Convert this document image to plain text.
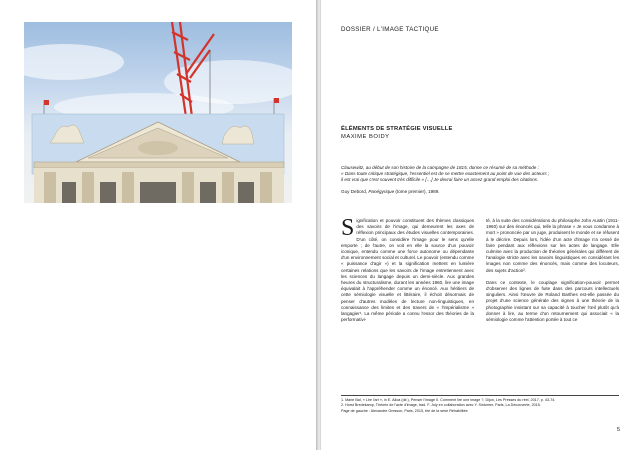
DOSSIER / L'IMAGE TACTIQUE
ÉLÉMENTS DE STRATÉGIE VISUELLE
MAXIME BOIDY

Clausewitz, au début de son histoire de la campagne de 1815, donne ce résumé de sa méthode :
« Dans toute critique stratégique, l'essentiel est de se mettre exactement au point de vue des acteurs ;
il est vrai que c'est souvent très difficile » […] Je devrai faire un assez grand emploi des citations.

Guy Debord, Panégyrique (tome premier), 1989.

Signification et pouvoir constituent des thèmes classiques des savoirs de l'image, qui demeurent les axes de réflexion principaux des études visuelles contemporaines. D'un côté, on considère l'image pour le sens qu'elle emporte ; de l'autre, on voit en elle la source d'un pouvoir iconique, entendu comme une force autonome ou dépendante d'un environnement social et culturel. Le pouvoir (entendu comme « puissance d'agir ») et la signification mettent en lumière certaines relations que les savoirs de l'image entretiennent avec les sciences du langage depuis un demi-siècle. Aux grandes heures du structuralisme, durant les années 1960, lire une image équivalait à l'appréhender comme un énoncé. Aux héritiers de cette sémiologie visuelle et littéraire, il échoit désormais de penser d'autres modèles de lecture non-linguistiques, en connaissance des limites et des travers de « l'impérialisme » langagier¹. La même période a connu l'essor des théories de la performativi-

té, à la suite des considérations du philosophe John Austin (1911-1960) sur des énoncés qui, telle la phrase « Je vous condamne à mort » prononcée par un juge, produisent le monde et se réfusent à le décrire. Depuis lors, l'idée d'un acte d'image n'a cessé de faire pendant aux réflexions sur les actes de langage. Elle culmine avec la production de théories générales qui diffèrent de l'analogie stricte avec les savoirs linguistiques en considérant les images non comme des énoncés, mais comme des locuteurs, des sujets d'action².

Dans ce contexte, le couplage signification-pouvoir permet d'observer des lignes de fuite dans des parcours intellectuels singuliers. Ainsi l'œuvre de Roland Barthes est-elle passée du projet d'une science générale des signes à une théorie de la photographie insistant sur sa capacité à toucher l'œil plutôt qu'à donner à lire, au terme d'un retournement qui associait « la sémiologie comme l'attention portée à tout ce

1. Marie Bal, « Lire l'art », in E. Alloa (dir.), Penser l'image II. Comment lire une image ?, Dijon, Les Presses du réel, 2017, p. 43-74.
2. Horst Bredekamp, Théorie de l'acte d'image, trad. F. Joly en collaboration avec Y. Sintomer, Paris, La Découverte, 2015.
Page de gauche : Alexandre Gresson, Paris, 2015, tiré de la série Réhabilitée
5
